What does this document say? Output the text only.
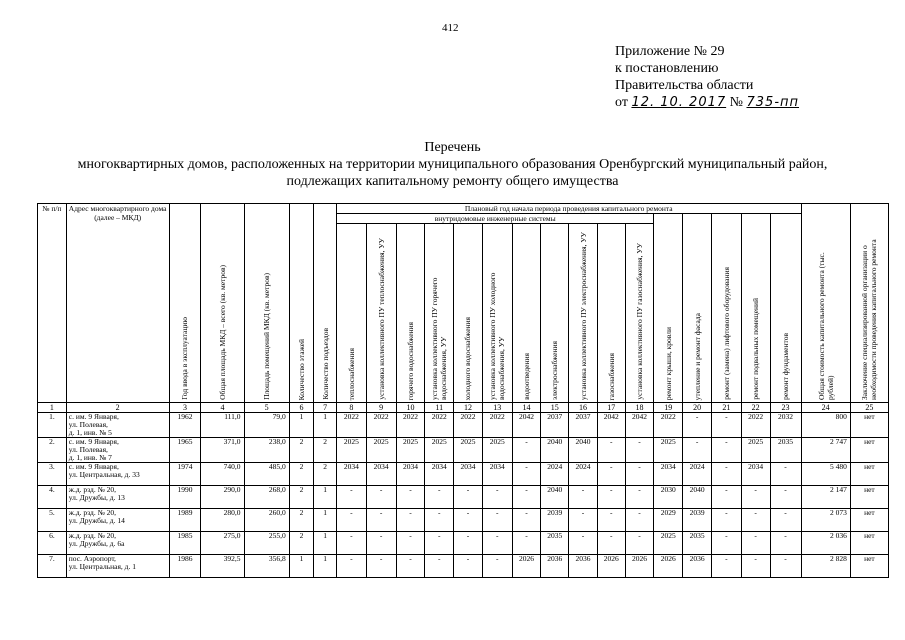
412
Приложение № 29
к постановлению
Правительства области
от 12. 10. 2017 № 735-пп
Перечень
многоквартирных домов, расположенных на территории муниципального образования Оренбургский муниципальный район,
подлежащих капитальному ремонту общего имущества
№ п/п	Адрес многоквартирного дома (далее – МКД)	Год ввода в эксплуатацию	Общая площадь МКД – всего (кв. метров)	Площадь помещений МКД (кв. метров)	Количество этажей	Количество подъездов	Плановый год начала периода проведения капитального ремонта																Общая стоимость капитального ремонта (тыс. рублей)	Заключение специализированной организации о необходимости проведения капитального ремонта
							внутридомовые инженерные системы											ремонт крыши, кровли	утепление и ремонт фасада	ремонт (замена) лифтового оборудования	ремонт подвальных помещений	ремонт фундаментов		
							теплоснабжения	установка коллективного ПУ теплоснабжения, УУ	горячего водоснабжения	установка коллективного ПУ горячего водоснабжения, УУ	холодного водоснабжения	установка коллективного ПУ холодного водоснабжения, УУ	водоотведения	электроснабжения	установка коллективного ПУ электроснабжения, УУ	газоснабжения	установка коллективного ПУ газоснабжения, УУ							
1	2	3	4	5	6	7	8	9	10	11	12	13	14	15	16	17	18	19	20	21	22	23	24	25
1.	с. им. 9 Января,
ул. Полевая,
д. 1, инв. № 5	1962	111,0	79,0	1	1	2022	2022	2022	2022	2022	2022	2042	2037	2037	2042	2042	2022	-	-	2022	2032	800	нет
2.	с. им. 9 Января,
ул. Полевая,
д. 1, инв. № 7	1965	371,0	238,0	2	2	2025	2025	2025	2025	2025	2025	-	2040	2040	-	-	2025	-	-	2025	2035	2 747	нет
3.	с. им. 9 Января,
ул. Центральная, д. 33	1974	740,0	485,0	2	2	2034	2034	2034	2034	2034	2034	-	2024	2024	-	-	2034	2024	-	2034	-	5 480	нет
4.	ж.д. рзд. № 20,
ул. Дружбы, д. 13	1990	290,0	268,0	2	1	-	-	-	-	-	-	-	2040	-	-	-	2030	2040	-	-	-	2 147	нет
5.	ж.д. рзд. № 20,
ул. Дружбы, д. 14	1989	280,0	260,0	2	1	-	-	-	-	-	-	-	2039	-	-	-	2029	2039	-	-	-	2 073	нет
6.	ж.д. рзд. № 20,
ул. Дружбы, д. 6а	1985	275,0	255,0	2	1	-	-	-	-	-	-	-	2035	-	-	-	2025	2035	-	-	-	2 036	нет
7.	пос. Аэропорт,
ул. Центральная, д. 1	1986	392,5	356,8	1	1	-	-	-	-	-	-	2026	2036	2036	2026	2026	2026	2036	-	-	-	2 828	нет
